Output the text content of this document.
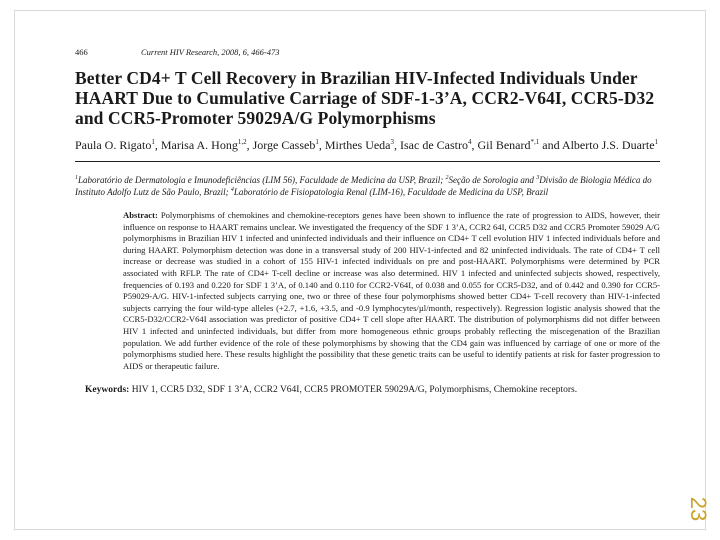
466	Current HIV Research, 2008, 6, 466-473
Better CD4+ T Cell Recovery in Brazilian HIV-Infected Individuals Under HAART Due to Cumulative Carriage of SDF-1-3’A, CCR2-V64I, CCR5-D32 and CCR5-Promoter 59029A/G Polymorphisms
Paula O. Rigato$^1$, Marisa A. Hong$^{1,2}$, Jorge Casseb$^1$, Mirthes Ueda$^3$, Isac de Castro$^4$, Gil Benard$^{*,1}$ and Alberto J.S. Duarte$^1$
$^1$Laboratório de Dermatologia e Imunodeficiências (LIM 56), Faculdade de Medicina da USP, Brazil; $^2$Seção de Sorologia and $^3$Divisão de Biologia Médica do Instituto Adolfo Lutz de São Paulo, Brazil; $^4$Laboratório de Fisiopatologia Renal (LIM-16), Faculdade de Medicina da USP, Brazil
Abstract: Polymorphisms of chemokines and chemokine-receptors genes have been shown to influence the rate of progression to AIDS, however, their influence on response to HAART remains unclear. We investigated the frequency of the SDF 1 3’A, CCR2 64I, CCR5 D32 and CCR5 Promoter 59029 A/G polymorphisms in Brazilian HIV 1 infected and uninfected individuals and their influence on CD4+ T cell evolution HIV 1 infected individuals before and during HAART. Polymorphism detection was done in a transversal study of 200 HIV-1-infected and 82 uninfected individuals. The rate of CD4+ T cell increase or decrease was studied in a cohort of 155 HIV-1 infected individuals on pre and post-HAART. Polymorphisms were determined by PCR associated with RFLP. The rate of CD4+ T-cell decline or increase was also determined. HIV 1 infected and uninfected subjects showed, respectively, frequencies of 0.193 and 0.220 for SDF 1 3’A, of 0.140 and 0.110 for CCR2-V64I, of 0.038 and 0.055 for CCR5-D32, and of 0.442 and 0.390 for CCR5-P59029-A/G. HIV-1-infected subjects carrying one, two or three of these four polymorphisms showed better CD4+ T-cell recovery than HIV-1-infected subjects carrying the four wild-type alleles (+2.7, +1.6, +3.5, and -0.9 lymphocytes/µl/month, respectively). Regression logistic analysis showed that the CCR5-D32/CCR2-V64I association was predictor of positive CD4+ T cell slope after HAART. The distribution of polymorphisms did not differ between HIV 1 infected and uninfected individuals, but differ from more homogeneous ethnic groups probably reflecting the miscegenation of the Brazilian population. We add further evidence of the role of these polymorphisms by showing that the CD4 gain was influenced by carriage of one or more of the polymorphisms studied here. These results highlight the possibility that these genetic traits can be useful to identify patients at risk for faster progression to AIDS or therapeutic failure.
Keywords: HIV 1, CCR5 D32, SDF 1 3’A, CCR2 V64I, CCR5 PROMOTER 59029A/G, Polymorphisms, Chemokine receptors.
23
